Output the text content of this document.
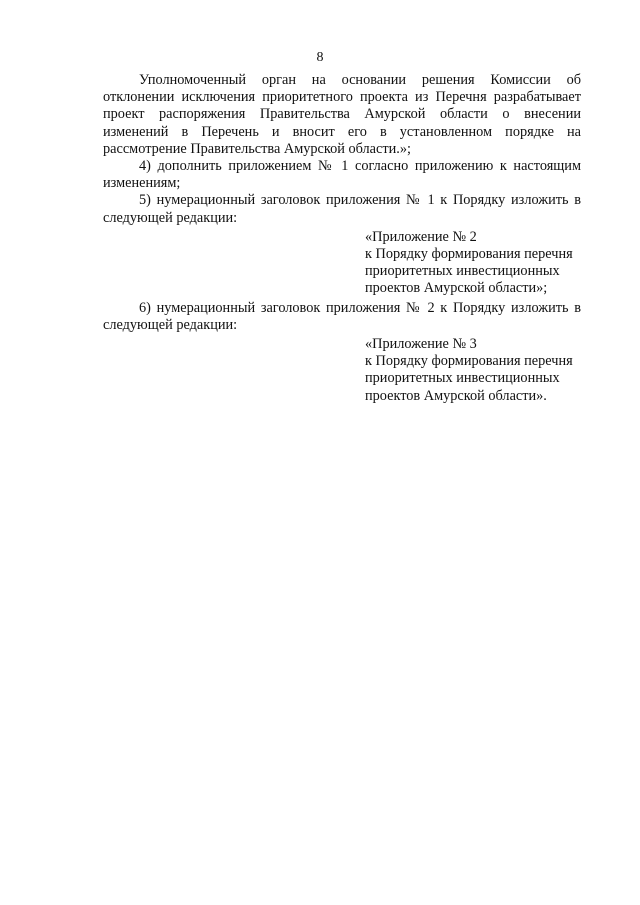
8

Уполномоченный орган на основании решения Комиссии об отклонении исключения приоритетного проекта из Перечня разрабатывает проект распоряжения Правительства Амурской области о внесении изменений в Перечень и вносит его в установленном порядке на рассмотрение Правительства Амурской области.»;

4) дополнить приложением № 1 согласно приложению к настоящим изменениям;

5) нумерационный заголовок приложения № 1 к Порядку изложить в следующей редакции:

«Приложение № 2
к Порядку формирования перечня
приоритетных инвестиционных
проектов Амурской области»;

6) нумерационный заголовок приложения № 2 к Порядку изложить в следующей редакции:

«Приложение № 3
к Порядку формирования перечня
приоритетных инвестиционных
проектов Амурской области».
